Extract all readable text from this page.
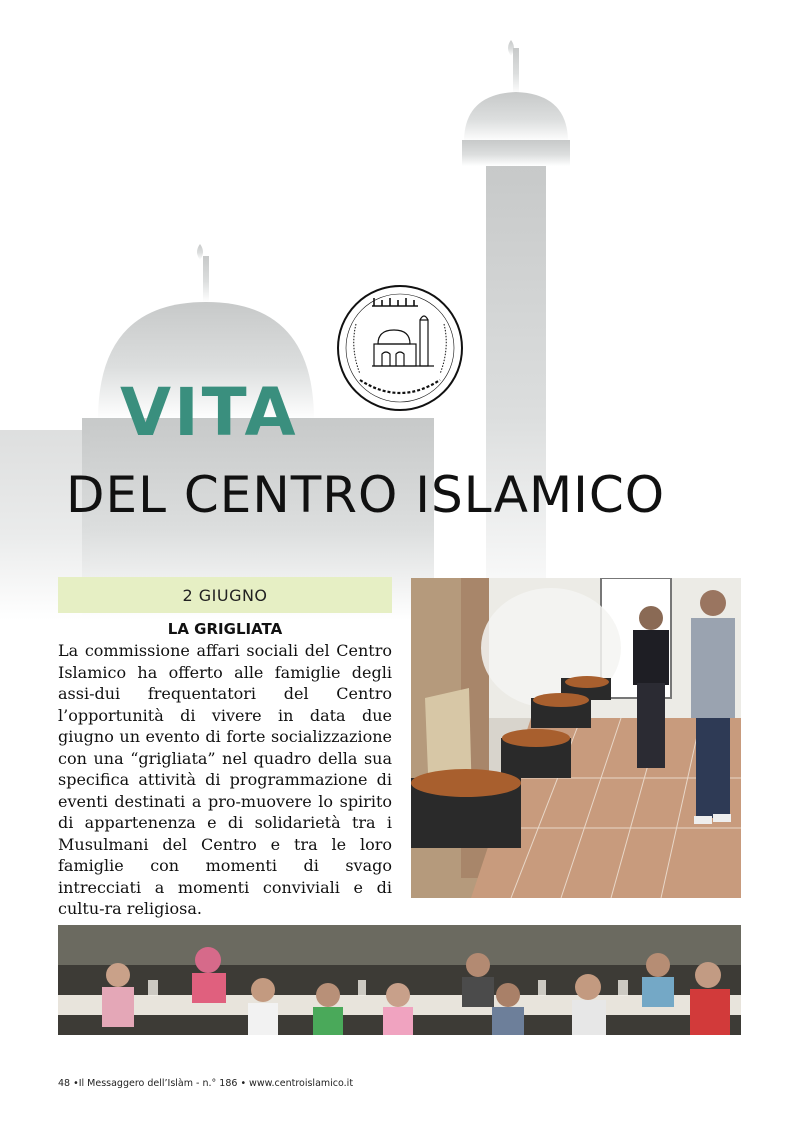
VITA
DEL CENTRO ISLAMICO
2 GIUGNO
LA GRIGLIATA

La commissione affari sociali del Centro Islamico ha offerto alle famiglie degli assi-dui frequentatori del Centro l’opportunità di vivere in data due giugno un evento di forte socializzazione con una “grigliata” nel quadro della sua specifica attività di programmazione di eventi destinati a pro-muovere lo spirito di appartenenza e di solidarietà tra i Musulmani del Centro e tra le loro famiglie con momenti di svago intrecciati a momenti conviviali e di cultu-ra religiosa.

48 •Il Messaggero dell’Islàm - n.° 186 • www.centroislamico.it
